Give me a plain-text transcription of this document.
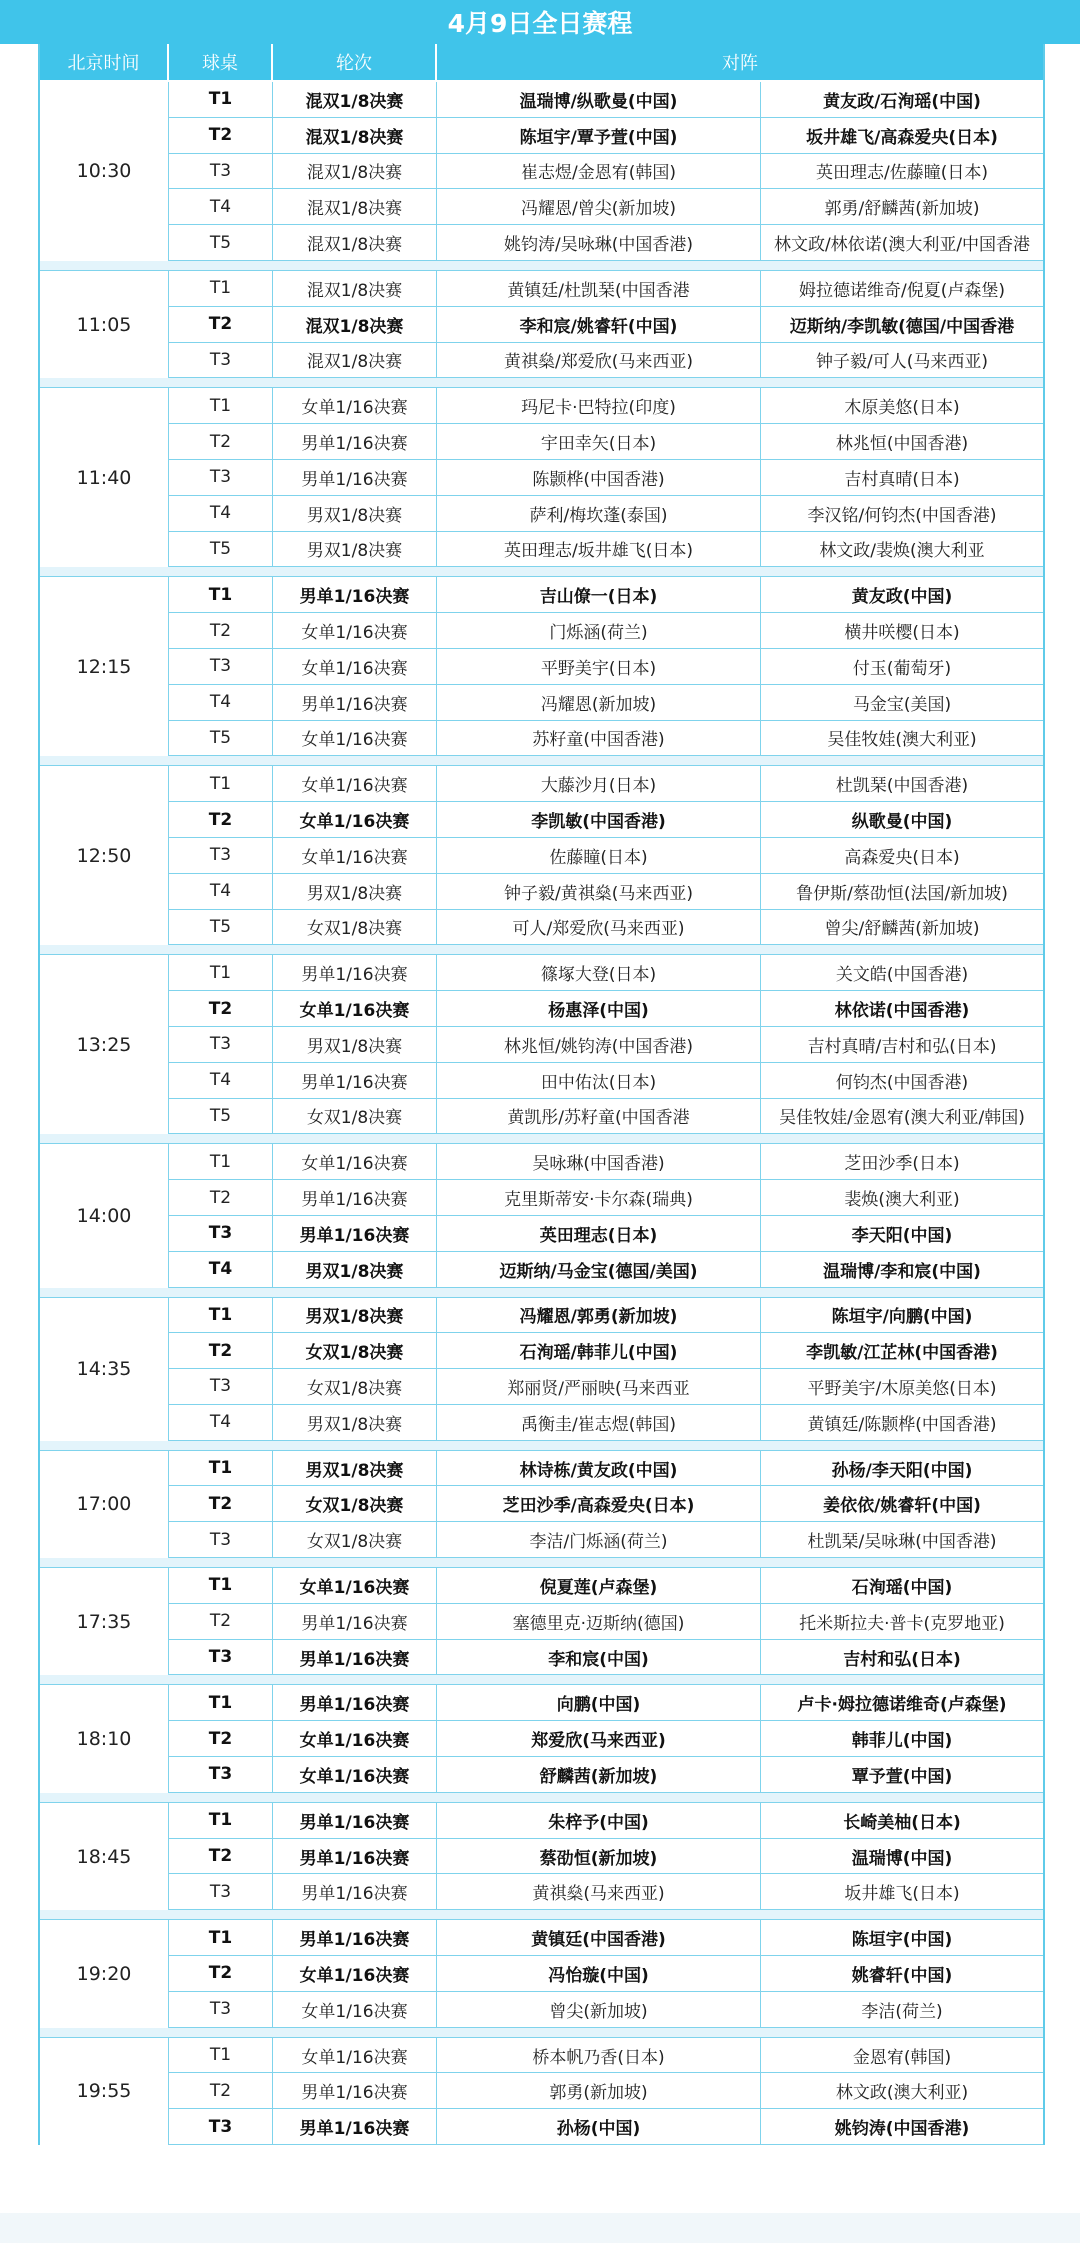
4月9日全日赛程
北京时间	球桌	轮次	对阵
10:30
T1	混双1/8决赛	温瑞博/纵歌曼(中国)	黄友政/石洵瑶(中国)
T2	混双1/8决赛	陈垣宇/覃予萱(中国)	坂井雄飞/高森爱央(日本)
T3	混双1/8决赛	崔志煜/金恩宥(韩国)	英田理志/佐藤瞳(日本)
T4	混双1/8决赛	冯耀恩/曾尖(新加坡)	郭勇/舒麟茜(新加坡)
T5	混双1/8决赛	姚钧涛/吴咏琳(中国香港)	林文政/林依诺(澳大利亚/中国香港
11:05
T1	混双1/8决赛	黄镇廷/杜凯琹(中国香港	姆拉德诺维奇/倪夏(卢森堡)
T2	混双1/8决赛	李和宸/姚睿轩(中国)	迈斯纳/李凯敏(德国/中国香港
T3	混双1/8决赛	黄祺燊/郑爱欣(马来西亚)	钟子毅/可人(马来西亚)
11:40
T1	女单1/16决赛	玛尼卡·巴特拉(印度)	木原美悠(日本)
T2	男单1/16决赛	宇田幸矢(日本)	林兆恒(中国香港)
T3	男单1/16决赛	陈颢桦(中国香港)	吉村真晴(日本)
T4	男双1/8决赛	萨利/梅坎蓬(泰国)	李汉铭/何钧杰(中国香港)
T5	男双1/8决赛	英田理志/坂井雄飞(日本)	林文政/裴焕(澳大利亚
12:15
T1	男单1/16决赛	吉山僚一(日本)	黄友政(中国)
T2	女单1/16决赛	门烁涵(荷兰)	横井咲樱(日本)
T3	女单1/16决赛	平野美宇(日本)	付玉(葡萄牙)
T4	男单1/16决赛	冯耀恩(新加坡)	马金宝(美国)
T5	女单1/16决赛	苏籽童(中国香港)	吴佳牧娃(澳大利亚)
12:50
T1	女单1/16决赛	大藤沙月(日本)	杜凯琹(中国香港)
T2	女单1/16决赛	李凯敏(中国香港)	纵歌曼(中国)
T3	女单1/16决赛	佐藤瞳(日本)	高森爱央(日本)
T4	男双1/8决赛	钟子毅/黄祺燊(马来西亚)	鲁伊斯/蔡劭恒(法国/新加坡)
T5	女双1/8决赛	可人/郑爱欣(马来西亚)	曾尖/舒麟茜(新加坡)
13:25
T1	男单1/16决赛	篠塚大登(日本)	关文皓(中国香港)
T2	女单1/16决赛	杨惠泽(中国)	林依诺(中国香港)
T3	男双1/8决赛	林兆恒/姚钧涛(中国香港)	吉村真晴/吉村和弘(日本)
T4	男单1/16决赛	田中佑汰(日本)	何钧杰(中国香港)
T5	女双1/8决赛	黄凯彤/苏籽童(中国香港	吴佳牧娃/金恩宥(澳大利亚/韩国)
14:00
T1	女单1/16决赛	吴咏琳(中国香港)	芝田沙季(日本)
T2	男单1/16决赛	克里斯蒂安·卡尔森(瑞典)	裴焕(澳大利亚)
T3	男单1/16决赛	英田理志(日本)	李天阳(中国)
T4	男双1/8决赛	迈斯纳/马金宝(德国/美国)	温瑞博/李和宸(中国)
14:35
T1	男双1/8决赛	冯耀恩/郭勇(新加坡)	陈垣宇/向鹏(中国)
T2	女双1/8决赛	石洵瑶/韩菲儿(中国)	李凯敏/江芷林(中国香港)
T3	女双1/8决赛	郑丽贤/严丽映(马来西亚	平野美宇/木原美悠(日本)
T4	男双1/8决赛	禹衡圭/崔志煜(韩国)	黄镇廷/陈颢桦(中国香港)
17:00
T1	男双1/8决赛	林诗栋/黄友政(中国)	孙杨/李天阳(中国)
T2	女双1/8决赛	芝田沙季/高森爱央(日本)	姜依依/姚睿轩(中国)
T3	女双1/8决赛	李洁/门烁涵(荷兰)	杜凯琹/吴咏琳(中国香港)
17:35
T1	女单1/16决赛	倪夏莲(卢森堡)	石洵瑶(中国)
T2	男单1/16决赛	塞德里克·迈斯纳(德国)	托米斯拉夫·普卡(克罗地亚)
T3	男单1/16决赛	李和宸(中国)	吉村和弘(日本)
18:10
T1	男单1/16决赛	向鹏(中国)	卢卡·姆拉德诺维奇(卢森堡)
T2	女单1/16决赛	郑爱欣(马来西亚)	韩菲儿(中国)
T3	女单1/16决赛	舒麟茜(新加坡)	覃予萱(中国)
18:45
T1	男单1/16决赛	朱梓予(中国)	长崎美柚(日本)
T2	男单1/16决赛	蔡劭恒(新加坡)	温瑞博(中国)
T3	男单1/16决赛	黄祺燊(马来西亚)	坂井雄飞(日本)
19:20
T1	男单1/16决赛	黄镇廷(中国香港)	陈垣宇(中国)
T2	女单1/16决赛	冯怡璇(中国)	姚睿轩(中国)
T3	女单1/16决赛	曾尖(新加坡)	李洁(荷兰)
19:55
T1	女单1/16决赛	桥本帆乃香(日本)	金恩宥(韩国)
T2	男单1/16决赛	郭勇(新加坡)	林文政(澳大利亚)
T3	男单1/16决赛	孙杨(中国)	姚钧涛(中国香港)
